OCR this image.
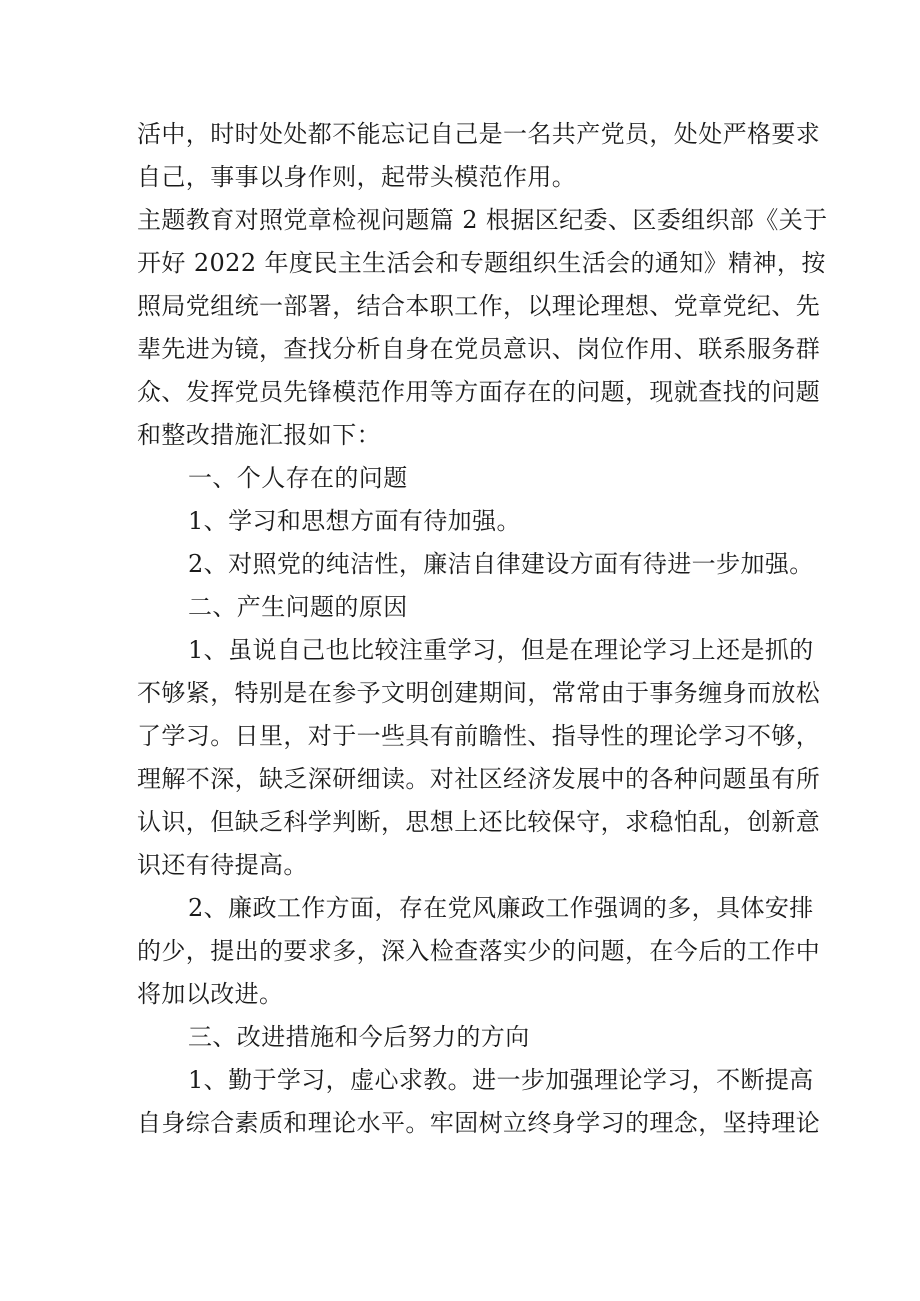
活中，时时处处都不能忘记自己是一名共产党员，处处严格要求
自己，事事以身作则，起带头模范作用。
主题教育对照党章检视问题篇 2 根据区纪委、区委组织部《关于
开好 2022 年度民主生活会和专题组织生活会的通知》精神，按
照局党组统一部署，结合本职工作，以理论理想、党章党纪、先
辈先进为镜，查找分析自身在党员意识、岗位作用、联系服务群
众、发挥党员先锋模范作用等方面存在的问题，现就查找的问题
和整改措施汇报如下：
一、个人存在的问题
1、学习和思想方面有待加强。
2、对照党的纯洁性，廉洁自律建设方面有待进一步加强。
二、产生问题的原因
1、虽说自己也比较注重学习，但是在理论学习上还是抓的
不够紧，特别是在参予文明创建期间，常常由于事务缠身而放松
了学习。日里，对于一些具有前瞻性、指导性的理论学习不够，
理解不深，缺乏深研细读。对社区经济发展中的各种问题虽有所
认识，但缺乏科学判断，思想上还比较保守，求稳怕乱，创新意
识还有待提高。
2、廉政工作方面，存在党风廉政工作强调的多，具体安排
的少，提出的要求多，深入检查落实少的问题，在今后的工作中
将加以改进。
三、改进措施和今后努力的方向
1、勤于学习，虚心求教。进一步加强理论学习，不断提高
自身综合素质和理论水平。牢固树立终身学习的理念，坚持理论
